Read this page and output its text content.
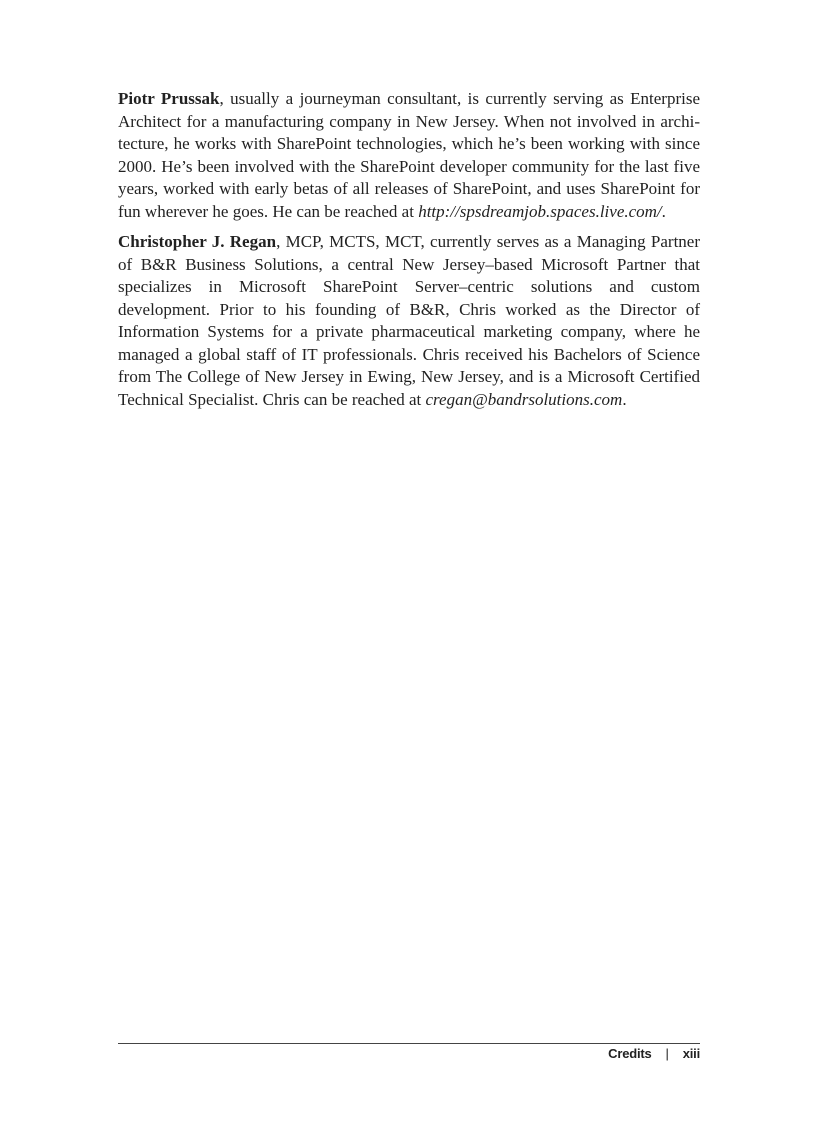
Piotr Prussak, usually a journeyman consultant, is currently serving as Enterprise Architect for a manufacturing company in New Jersey. When not involved in architecture, he works with SharePoint technologies, which he’s been working with since 2000. He’s been involved with the SharePoint developer community for the last five years, worked with early betas of all releases of SharePoint, and uses SharePoint for fun wherever he goes. He can be reached at http://spsdreamjob.spaces.live.com/.

Christopher J. Regan, MCP, MCTS, MCT, currently serves as a Managing Partner of B&R Business Solutions, a central New Jersey–based Microsoft Partner that specializes in Microsoft SharePoint Server–centric solutions and custom development. Prior to his founding of B&R, Chris worked as the Director of Information Systems for a private pharmaceutical marketing company, where he managed a global staff of IT professionals. Chris received his Bachelors of Science from The College of New Jersey in Ewing, New Jersey, and is a Microsoft Certified Technical Specialist. Chris can be reached at cregan@bandrsolutions.com.

Credits | xiii
